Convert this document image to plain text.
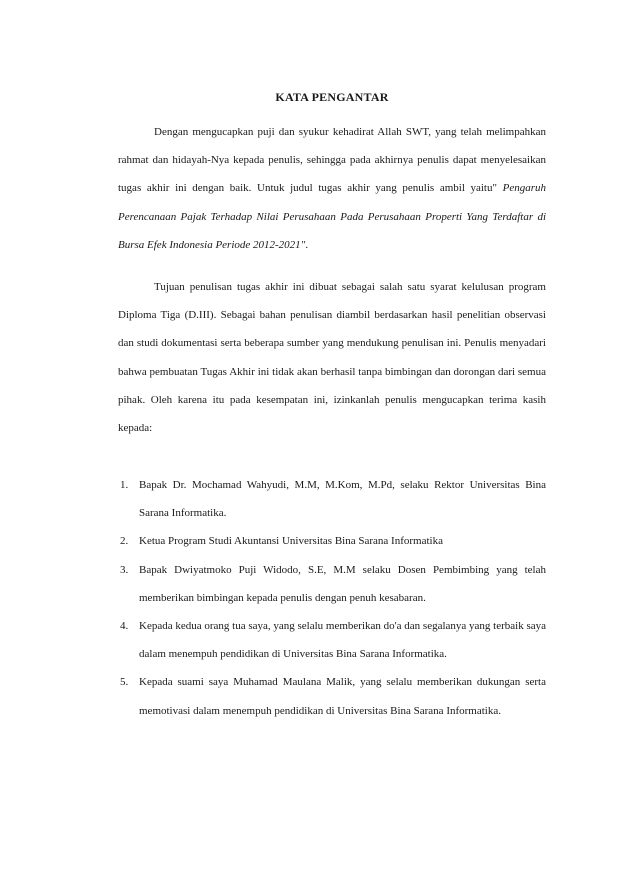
KATA PENGANTAR

Dengan mengucapkan puji dan syukur kehadirat Allah SWT, yang telah melimpahkan rahmat dan hidayah-Nya kepada penulis, sehingga pada akhirnya penulis dapat menyelesaikan tugas akhir ini dengan baik. Untuk judul tugas akhir yang penulis ambil yaitu" Pengaruh Perencanaan Pajak Terhadap Nilai Perusahaan Pada Perusahaan Properti Yang Terdaftar di Bursa Efek Indonesia Periode 2012-2021".

Tujuan penulisan tugas akhir ini dibuat sebagai salah satu syarat kelulusan program Diploma Tiga (D.III). Sebagai bahan penulisan diambil berdasarkan hasil penelitian observasi dan studi dokumentasi serta beberapa sumber yang mendukung penulisan ini. Penulis menyadari bahwa pembuatan Tugas Akhir ini tidak akan berhasil tanpa bimbingan dan dorongan dari semua pihak. Oleh karena itu pada kesempatan ini, izinkanlah penulis mengucapkan terima kasih kepada:

1. Bapak Dr. Mochamad Wahyudi, M.M, M.Kom, M.Pd, selaku Rektor Universitas Bina Sarana Informatika.
2. Ketua Program Studi Akuntansi Universitas Bina Sarana Informatika
3. Bapak Dwiyatmoko Puji Widodo, S.E, M.M selaku Dosen Pembimbing yang telah memberikan bimbingan kepada penulis dengan penuh kesabaran.
4. Kepada kedua orang tua saya, yang selalu memberikan do'a dan segalanya yang terbaik saya dalam menempuh pendidikan di Universitas Bina Sarana Informatika.
5. Kepada suami saya Muhamad Maulana Malik, yang selalu memberikan dukungan serta memotivasi dalam menempuh pendidikan di Universitas Bina Sarana Informatika.
